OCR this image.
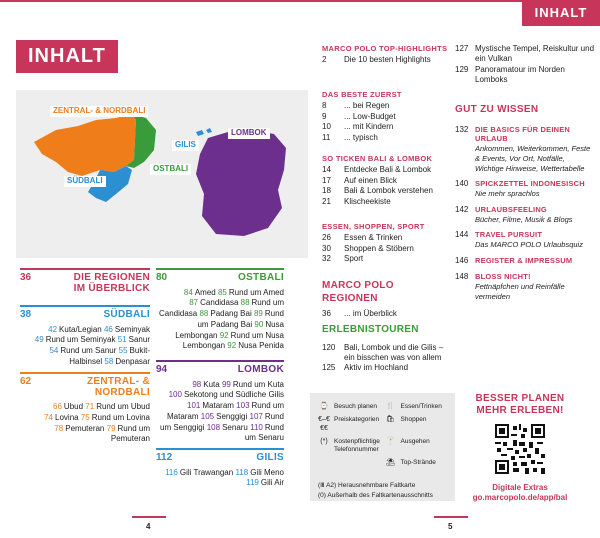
INHALT
INHALT
ZENTRAL- & NORDBALI
SÜDBALI
GILIS
OSTBALI
LOMBOK
36	DIE REGIONEN IM ÜBERBLICK
38	SÜDBALI
42 Kuta/Legian 46 Seminyak 49 Rund um Seminyak 51 Sanur 54 Rund um Sanur 55 Bukit-Halbinsel 58 Denpasar
62	ZENTRAL- & NORDBALI
66 Ubud 71 Rund um Ubud 74 Lovina 75 Rund um Lovina 78 Pemuteran 79 Rund um Pemuteran
80	OSTBALI
84 Amed 85 Rund um Amed 87 Candidasa 88 Rund um Candidasa 88 Padang Bai 89 Rund um Padang Bai 90 Nusa Lembongan 92 Rund um Nusa Lembongan 92 Nusa Penida
94	LOMBOK
98 Kuta 99 Rund um Kuta 100 Sekotong und Südliche Gilis 101 Mataram 103 Rund um Mataram 105 Senggigi 107 Rund um Senggigi 108 Senaru 110 Rund um Senaru
112	GILIS
116 Gili Trawangan 118 Gili Meno 119 Gili Air
MARCO POLO TOP-HIGHLIGHTS
2	Die 10 besten Highlights
DAS BESTE ZUERST
8	... bei Regen
9	... Low-Budget
10	... mit Kindern
11	... typisch
SO TICKEN BALI & LOMBOK
14	Entdecke Bali & Lombok
17	Auf einen Blick
18	Bali & Lombok verstehen
21	Klischeekiste
ESSEN, SHOPPEN, SPORT
26	Essen & Trinken
30	Shoppen & Stöbern
32	Sport
MARCO POLO REGIONEN
36	... im Überblick
ERLEBNISTOUREN
120	Bali, Lombok und die Gilis – ein bisschen was von allem
125	Aktiv im Hochland
127 Mystische Tempel, Reiskultur und ein Vulkan
129 Panoramatour im Norden Lomboks
GUT ZU WISSEN
132 DIE BASICS FÜR DEINEN URLAUB
Ankommen, Weiterkommen, Feste & Events, Vor Ort, Notfälle, Wichtige Hinweise, Wettertabelle
140 SPICKZETTEL INDONESISCH
Nie mehr sprachlos
142 URLAUBSFEELING
Bücher, Filme, Musik & Blogs
144 TRAVEL PURSUIT
Das MARCO POLO Urlaubsquiz
146 REGISTER & IMPRESSUM
148 BLOSS NICHT!
Fettnäpfchen und Reinfälle vermeiden
⌚ Besuch planen 🍴 Essen/Trinken
€–€€€
Preiskategorien 🛍 Shoppen
(*) Kostenpflichtige Telefonnummer
🍸 Ausgehen
⛱ Top-Strände
(Ⅲ A2) Herausnehmbare Faltkarte
(0) Außerhalb des Faltkartenausschnitts
BESSER PLANEN
MEHR ERLEBEN!
Digitale Extras
go.marcopolo.de/app/bal
4	5
